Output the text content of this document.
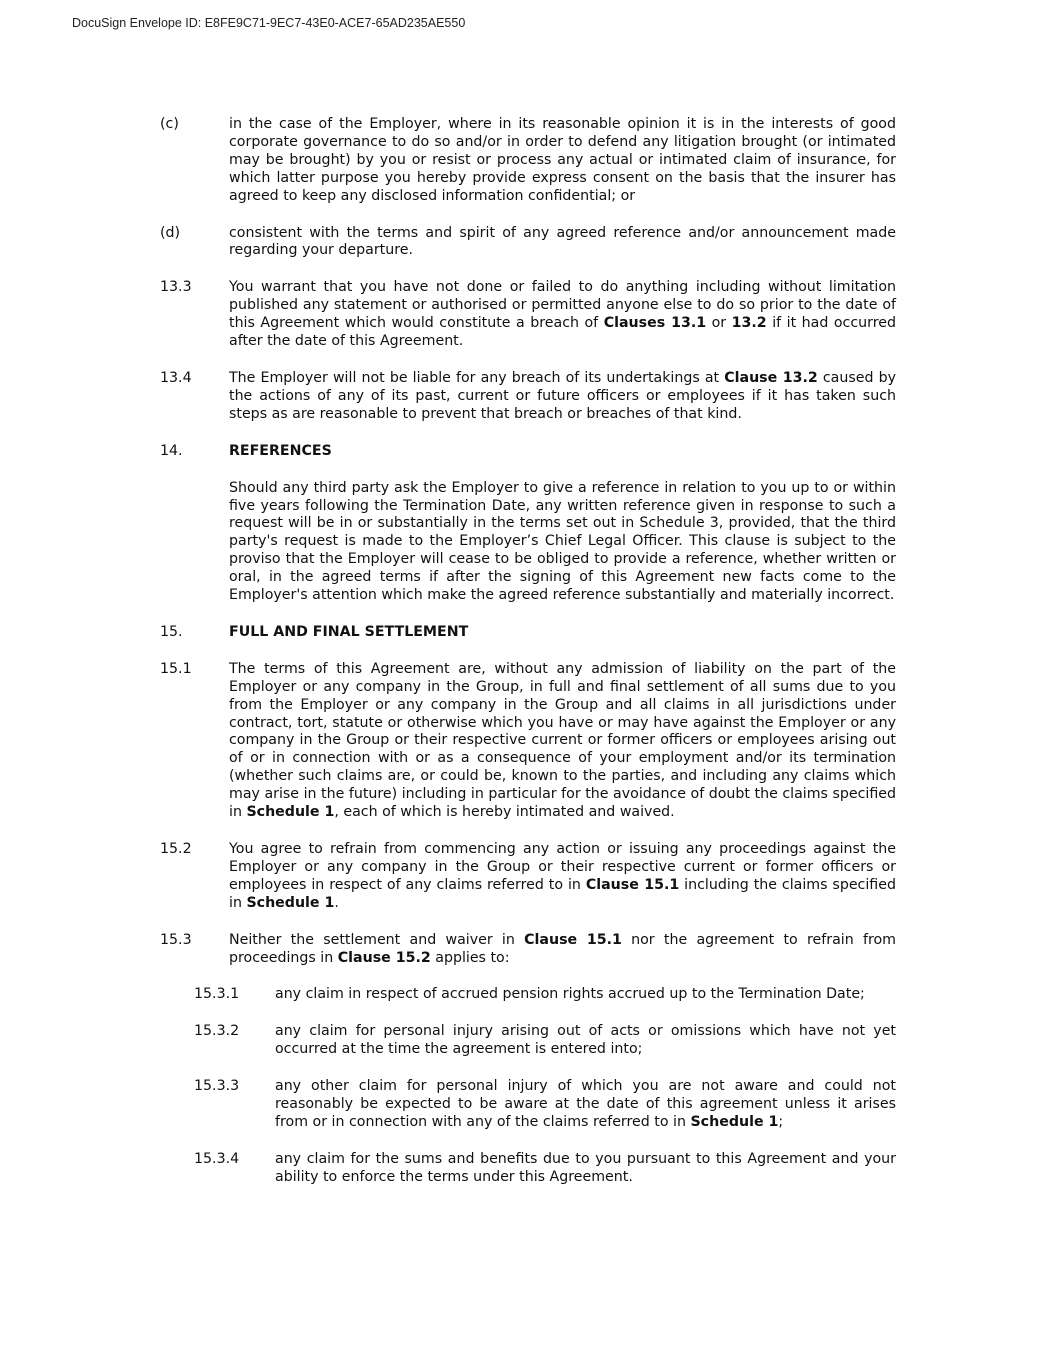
DocuSign Envelope ID: E8FE9C71-9EC7-43E0-ACE7-65AD235AE550
(c)	in the case of the Employer, where in its reasonable opinion it is in the interests of good corporate governance to do so and/or in order to defend any litigation brought (or intimated may be brought) by you or resist or process any actual or intimated claim of insurance, for which latter purpose you hereby provide express consent on the basis that the insurer has agreed to keep any disclosed information confidential; or
(d)	consistent with the terms and spirit of any agreed reference and/or announcement made regarding your departure.
13.3	You warrant that you have not done or failed to do anything including without limitation published any statement or authorised or permitted anyone else to do so prior to the date of this Agreement which would constitute a breach of Clauses 13.1 or 13.2 if it had occurred after the date of this Agreement.
13.4	The Employer will not be liable for any breach of its undertakings at Clause 13.2 caused by the actions of any of its past, current or future officers or employees if it has taken such steps as are reasonable to prevent that breach or breaches of that kind.
14.	REFERENCES
Should any third party ask the Employer to give a reference in relation to you up to or within five years following the Termination Date, any written reference given in response to such a request will be in or substantially in the terms set out in Schedule 3, provided, that the third party's request is made to the Employer’s Chief Legal Officer. This clause is subject to the proviso that the Employer will cease to be obliged to provide a reference, whether written or oral, in the agreed terms if after the signing of this Agreement new facts come to the Employer's attention which make the agreed reference substantially and materially incorrect.
15.	FULL AND FINAL SETTLEMENT
15.1	The terms of this Agreement are, without any admission of liability on the part of the Employer or any company in the Group, in full and final settlement of all sums due to you from the Employer or any company in the Group and all claims in all jurisdictions under contract, tort, statute or otherwise which you have or may have against the Employer or any company in the Group or their respective current or former officers or employees arising out of or in connection with or as a consequence of your employment and/or its termination (whether such claims are, or could be, known to the parties, and including any claims which may arise in the future) including in particular for the avoidance of doubt the claims specified in Schedule 1, each of which is hereby intimated and waived.
15.2	You agree to refrain from commencing any action or issuing any proceedings against the Employer or any company in the Group or their respective current or former officers or employees in respect of any claims referred to in Clause 15.1 including the claims specified in Schedule 1.
15.3	Neither the settlement and waiver in Clause 15.1 nor the agreement to refrain from proceedings in Clause 15.2 applies to:
15.3.1	any claim in respect of accrued pension rights accrued up to the Termination Date;
15.3.2	any claim for personal injury arising out of acts or omissions which have not yet occurred at the time the agreement is entered into;
15.3.3	any other claim for personal injury of which you are not aware and could not reasonably be expected to be aware at the date of this agreement unless it arises from or in connection with any of the claims referred to in Schedule 1;
15.3.4	any claim for the sums and benefits due to you pursuant to this Agreement and your ability to enforce the terms under this Agreement.
